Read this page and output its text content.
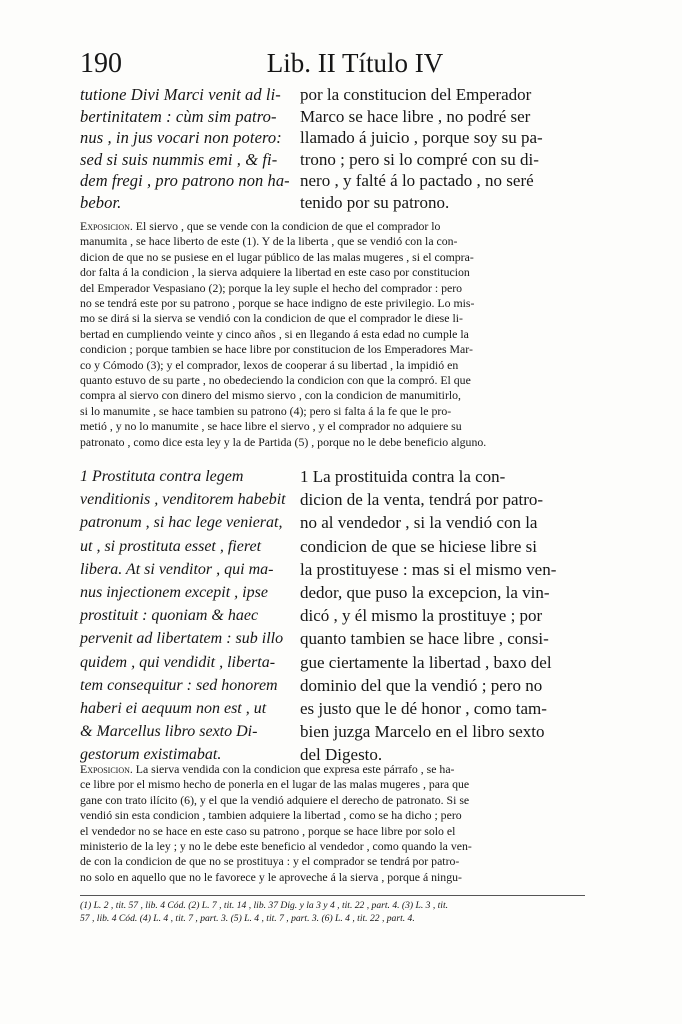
190	Lib. II Título IV
tutione Divi Marci venit ad li-
bertinitatem : cùm sim patro-
nus , in jus vocari non potero:
sed si suis nummis emi , & fi-
dem fregi , pro patrono non ha-
bebor.
por la constitucion del Emperador
Marco se hace libre , no podré ser
llamado á juicio , porque soy su pa-
trono ; pero si lo compré con su di-
nero , y falté á lo pactado , no seré
tenido por su patrono.
Exposicion. El siervo , que se vende con la condicion de que el comprador lo
manumita , se hace liberto de este (1). Y de la liberta , que se vendió con la con-
dicion de que no se pusiese en el lugar público de las malas mugeres , si el compra-
dor falta á la condicion , la sierva adquiere la libertad en este caso por constitucion
del Emperador Vespasiano (2); porque la ley suple el hecho del comprador : pero
no se tendrá este por su patrono , porque se hace indigno de este privilegio. Lo mis-
mo se dirá si la sierva se vendió con la condicion de que el comprador le diese li-
bertad en cumpliendo veinte y cinco años , si en llegando á esta edad no cumple la
condicion ; porque tambien se hace libre por constitucion de los Emperadores Mar-
co y Cómodo (3); y el comprador, lexos de cooperar á su libertad , la impidió en
quanto estuvo de su parte , no obedeciendo la condicion con que la compró. El que
compra al siervo con dinero del mismo siervo , con la condicion de manumitirlo,
si lo manumite , se hace tambien su patrono (4); pero si falta á la fe que le pro-
metió , y no lo manumite , se hace libre el siervo , y el comprador no adquiere su
patronato , como dice esta ley y la de Partida (5) , porque no le debe beneficio alguno.
1 Prostituta contra legem
venditionis , venditorem habebit
patronum , si hac lege venierat,
ut , si prostituta esset , fieret
libera. At si venditor , qui ma-
nus injectionem excepit , ipse
prostituit : quoniam & haec
pervenit ad libertatem : sub illo
quidem , qui vendidit , liberta-
tem consequitur : sed honorem
haberi ei aequum non est , ut
& Marcellus libro sexto Di-
gestorum existimabat.
1 La prostituida contra la con-
dicion de la venta, tendrá por patro-
no al vendedor , si la vendió con la
condicion de que se hiciese libre si
la prostituyese : mas si el mismo ven-
dedor, que puso la excepcion, la vin-
dicó , y él mismo la prostituye ; por
quanto tambien se hace libre , consi-
gue ciertamente la libertad , baxo del
dominio del que la vendió ; pero no
es justo que le dé honor , como tam-
bien juzga Marcelo en el libro sexto
del Digesto.
Exposicion. La sierva vendida con la condicion que expresa este párrafo , se ha-
ce libre por el mismo hecho de ponerla en el lugar de las malas mugeres , para que
gane con trato ilícito (6), y el que la vendió adquiere el derecho de patronato. Si se
vendió sin esta condicion , tambien adquiere la libertad , como se ha dicho ; pero
el vendedor no se hace en este caso su patrono , porque se hace libre por solo el
ministerio de la ley ; y no le debe este beneficio al vendedor , como quando la ven-
de con la condicion de que no se prostituya : y el comprador se tendrá por patro-
no solo en aquello que no le favorece y le aproveche á la sierva , porque á ningu-
(1) L. 2 , tit. 57 , lib. 4 Cód. (2) L. 7 , tit. 14 , lib. 37 Dig. y la 3 y 4 , tit. 22 , part. 4. (3) L. 3 , tit.
57 , lib. 4 Cód. (4) L. 4 , tit. 7 , part. 3. (5) L. 4 , tit. 7 , part. 3. (6) L. 4 , tit. 22 , part. 4.
